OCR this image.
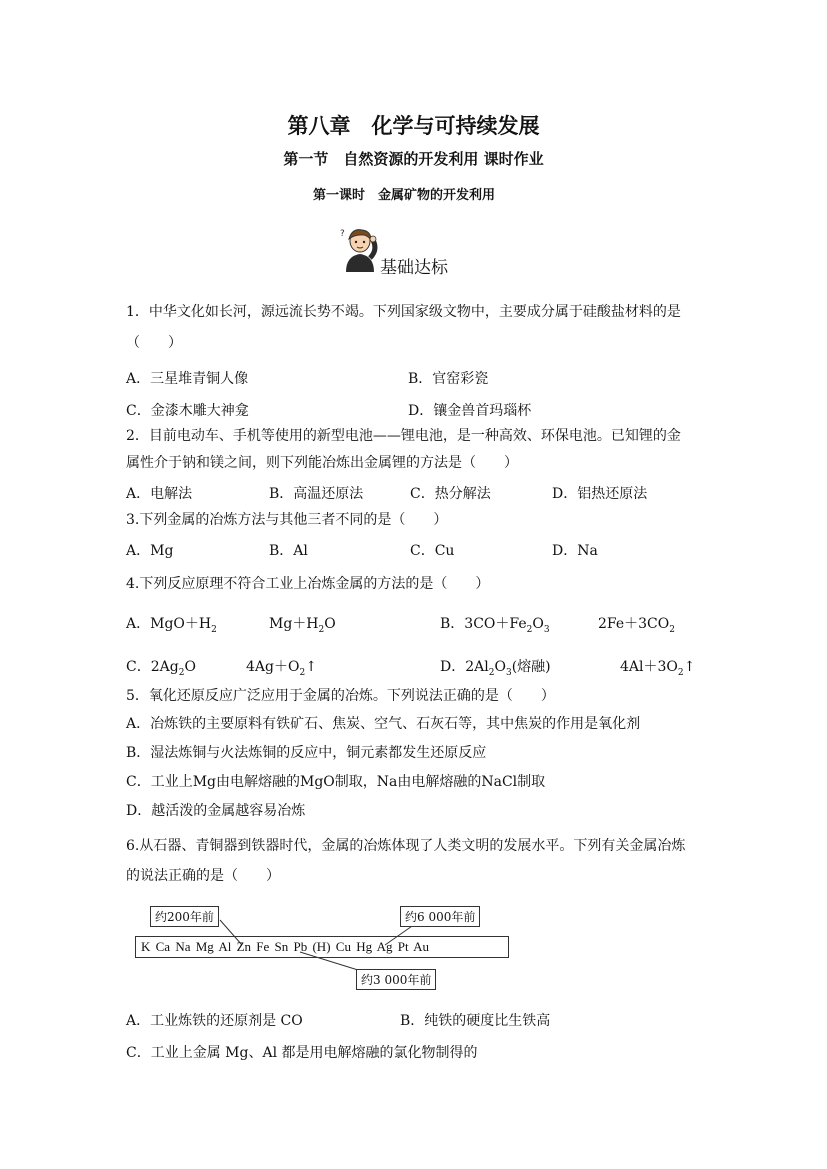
第八章　化学与可持续发展
第一节　自然资源的开发利用 课时作业
第一课时　金属矿物的开发利用
?
基础达标
1．中华文化如长河，源远流长势不竭。下列国家级文物中，主要成分属于硅酸盐材料的是
（　　）
A．三星堆青铜人像	B．官窑彩瓷
C．金漆木雕大神龛	D．镶金兽首玛瑙杯
2．目前电动车、手机等使用的新型电池——锂电池，是一种高效、环保电池。已知锂的金
属性介于钠和镁之间，则下列能冶炼出金属锂的方法是（　　）
A．电解法	B．高温还原法	C．热分解法	D．铝热还原法
3.下列金属的冶炼方法与其他三者不同的是（　　）
A．Mg	B．Al	C．Cu	D．Na
4.下列反应原理不符合工业上冶炼金属的方法的是（　　）
A．$MgO+H_2$	$Mg+H_2O$	B．$3CO+Fe_2O_3$	$2Fe+3CO_2$
C．$2Ag_2O$	$4Ag+O_2↑$	D．$2Al_2O_3$(熔融)	$4Al+3O_2↑$
5．氧化还原反应广泛应用于金属的冶炼。下列说法正确的是（　　）
A．冶炼铁的主要原料有铁矿石、焦炭、空气、石灰石等，其中焦炭的作用是氧化剂
B．湿法炼铜与火法炼铜的反应中，铜元素都发生还原反应
C．工业上Mg由电解熔融的MgO制取，Na由电解熔融的NaCl制取
D．越活泼的金属越容易冶炼
6.从石器、青铜器到铁器时代，金属的冶炼体现了人类文明的发展水平。下列有关金属冶炼
的说法正确的是（　　）
K Ca Na Mg Al Zn Fe Sn Pb (H) Cu Hg Ag Pt Au
约200年前	约6 000年前
约3 000年前
A．工业炼铁的还原剂是 CO	B．纯铁的硬度比生铁高
C．工业上金属 Mg、Al 都是用电解熔融的氯化物制得的
